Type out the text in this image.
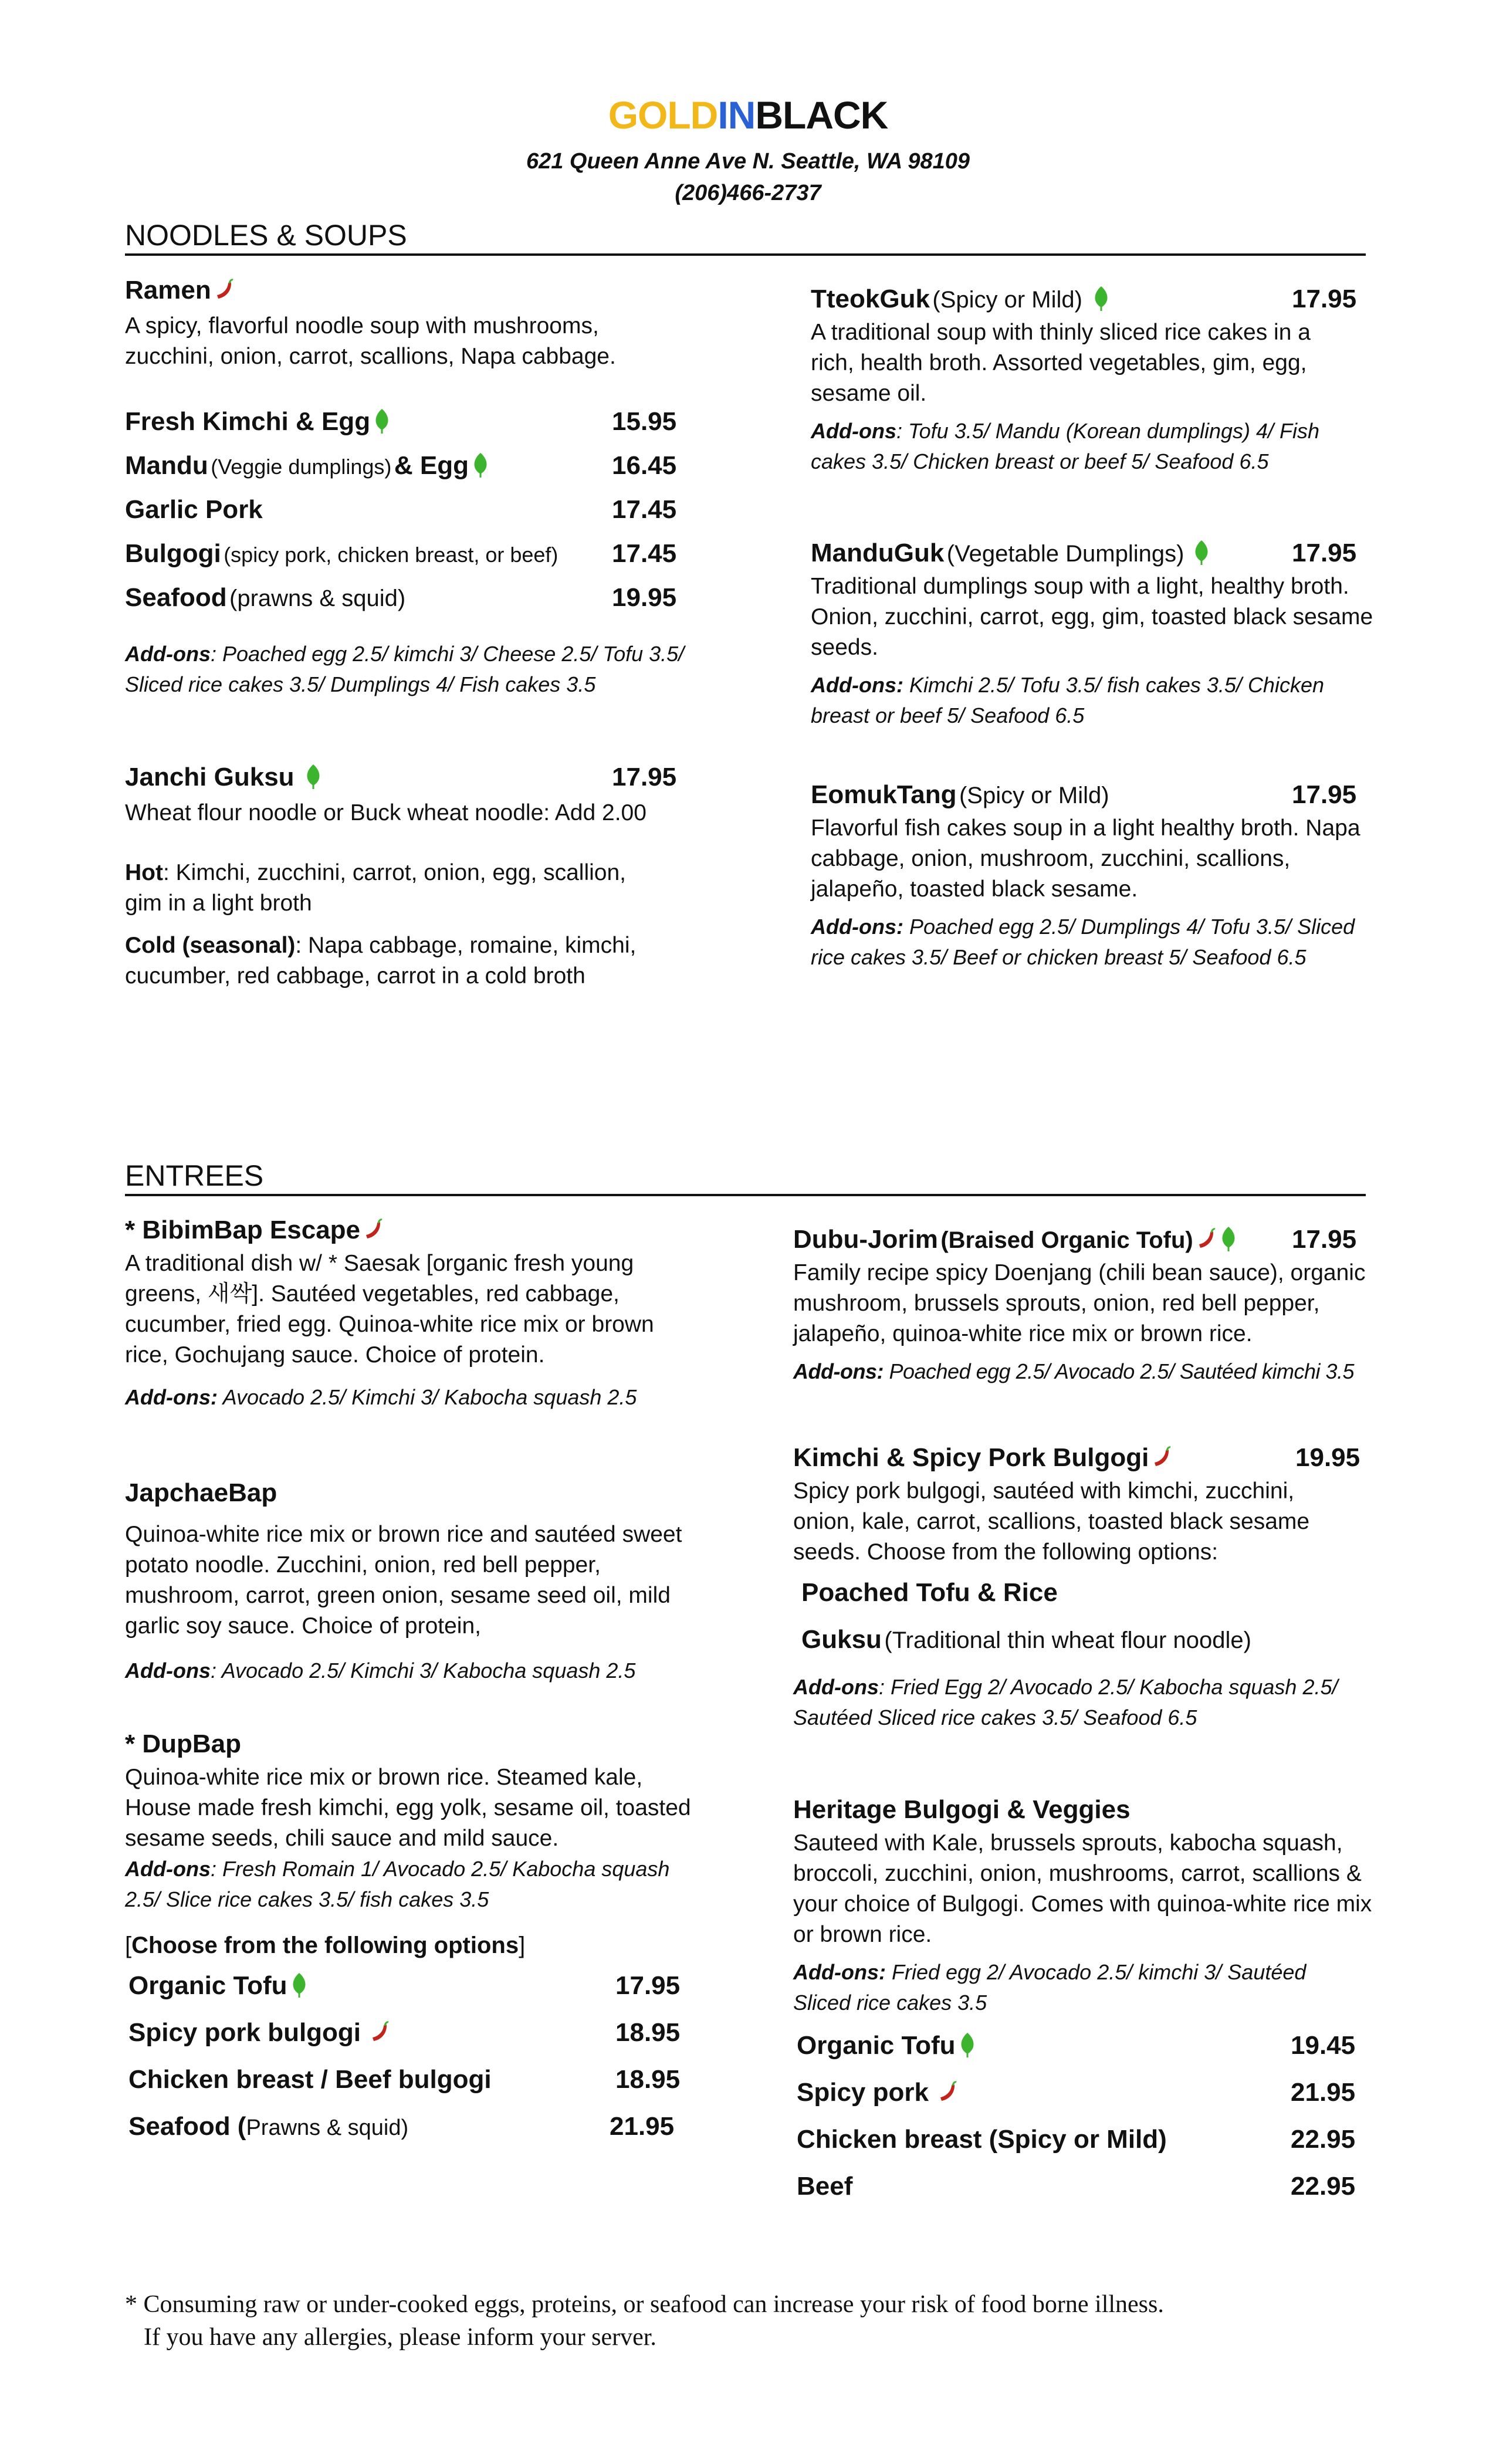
GOLDINBLACK
621 Queen Anne Ave N. Seattle, WA 98109
(206)466-2737
NOODLES & SOUPS
Ramen
A spicy, flavorful noodle soup with mushrooms, zucchini, onion, carrot, scallions, Napa cabbage.
Fresh Kimchi & Egg	15.95
Mandu (Veggie dumplings) & Egg	16.45
Garlic Pork	17.45
Bulgogi (spicy pork, chicken breast, or beef) 17.45
Seafood (prawns & squid)	19.95
Add-ons: Poached egg 2.5/ kimchi 3/ Cheese 2.5/ Tofu 3.5/ Sliced rice cakes 3.5/ Dumplings 4/ Fish cakes 3.5
Janchi Guksu	17.95
Wheat flour noodle or Buck wheat noodle: Add 2.00
Hot: Kimchi, zucchini, carrot, onion, egg, scallion, gim in a light broth
Cold (seasonal): Napa cabbage, romaine, kimchi, cucumber, red cabbage, carrot in a cold broth
TteokGuk (Spicy or Mild)	17.95
A traditional soup with thinly sliced rice cakes in a rich, health broth. Assorted vegetables, gim, egg, sesame oil.
Add-ons: Tofu 3.5/ Mandu (Korean dumplings) 4/ Fish cakes 3.5/ Chicken breast or beef 5/ Seafood 6.5
ManduGuk (Vegetable Dumplings)	17.95
Traditional dumplings soup with a light, healthy broth. Onion, zucchini, carrot, egg, gim, toasted black sesame seeds.
Add-ons: Kimchi 2.5/ Tofu 3.5/ fish cakes 3.5/ Chicken breast or beef 5/ Seafood 6.5
EomukTang (Spicy or Mild)	17.95
Flavorful fish cakes soup in a light healthy broth. Napa cabbage, onion, mushroom, zucchini, scallions, jalapeño, toasted black sesame.
Add-ons: Poached egg 2.5/ Dumplings 4/ Tofu 3.5/ Sliced rice cakes 3.5/ Beef or chicken breast 5/ Seafood 6.5
ENTREES
* BibimBap Escape
A traditional dish w/ * Saesak [organic fresh young greens, 새싹]. Sautéed vegetables, red cabbage, cucumber, fried egg. Quinoa-white rice mix or brown rice, Gochujang sauce. Choice of protein.
Add-ons: Avocado 2.5/ Kimchi 3/ Kabocha squash 2.5
JapchaeBap
Quinoa-white rice mix or brown rice and sautéed sweet potato noodle. Zucchini, onion, red bell pepper, mushroom, carrot, green onion, sesame seed oil, mild garlic soy sauce. Choice of protein,
Add-ons: Avocado 2.5/ Kimchi 3/ Kabocha squash 2.5
* DupBap
Quinoa-white rice mix or brown rice. Steamed kale, House made fresh kimchi, egg yolk, sesame oil, toasted sesame seeds, chili sauce and mild sauce.
Add-ons: Fresh Romain 1/ Avocado 2.5/ Kabocha squash 2.5/ Slice rice cakes 3.5/ fish cakes 3.5
[Choose from the following options]
Organic Tofu	17.95
Spicy pork bulgogi	18.95
Chicken breast / Beef bulgogi	18.95
Seafood (Prawns & squid)	21.95
Dubu-Jorim (Braised Organic Tofu)	17.95
Family recipe spicy Doenjang (chili bean sauce), organic mushroom, brussels sprouts, onion, red bell pepper, jalapeño, quinoa-white rice mix or brown rice.
Add-ons: Poached egg 2.5/ Avocado 2.5/ Sautéed kimchi 3.5
Kimchi & Spicy Pork Bulgogi	19.95
Spicy pork bulgogi, sautéed with kimchi, zucchini, onion, kale, carrot, scallions, toasted black sesame seeds. Choose from the following options:
Poached Tofu & Rice
Guksu (Traditional thin wheat flour noodle)
Add-ons: Fried Egg 2/ Avocado 2.5/ Kabocha squash 2.5/ Sautéed Sliced rice cakes 3.5/ Seafood 6.5
Heritage Bulgogi & Veggies
Sauteed with Kale, brussels sprouts, kabocha squash, broccoli, zucchini, onion, mushrooms, carrot, scallions & your choice of Bulgogi. Comes with quinoa-white rice mix or brown rice.
Add-ons: Fried egg 2/ Avocado 2.5/ kimchi 3/ Sautéed Sliced rice cakes 3.5
Organic Tofu	19.45
Spicy pork	21.95
Chicken breast (Spicy or Mild)	22.95
Beef	22.95
* Consuming raw or under-cooked eggs, proteins, or seafood can increase your risk of food borne illness.
If you have any allergies, please inform your server.
